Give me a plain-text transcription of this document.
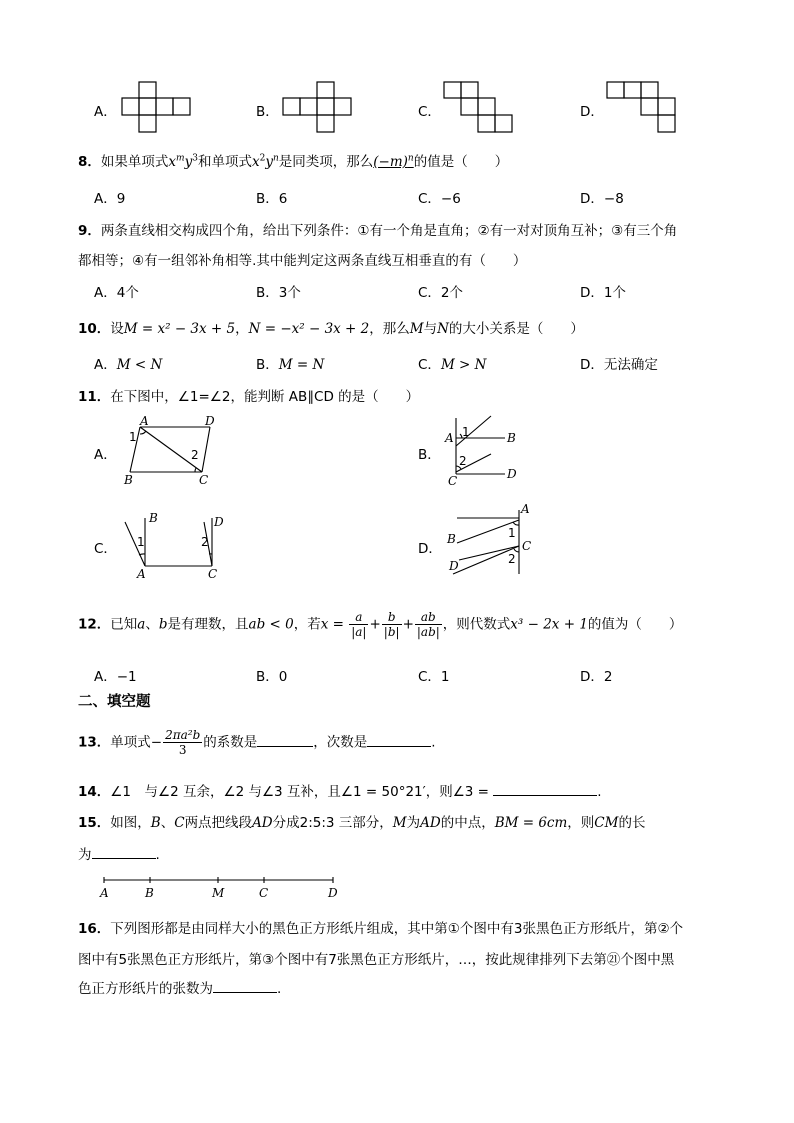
A．	B．	C．	D．
8．如果单项式$x^my^3$和单项式$x^2y^n$是同类项，那么$(-m)^n$的值是（　　）
A．9	B．6	C．−6	D．−8
9．两条直线相交构成四个角，给出下列条件：①有一个角是直角；②有一对对顶角互补；③有三个角
都相等；④有一组邻补角相等.其中能判定这两条直线互相垂直的有（　　）
A．4个	B．3个	C．2个	D．1个
10．设M = x² − 3x + 5，N = −x² − 3x + 2，那么M与N的大小关系是（　　）
A．M < N	B．M = N	C．M > N	D．无法确定
11．在下图中，∠1=∠2，能判断 AB∥CD 的是（　　）
A．
A	D
B	C
1
2	B．
A	B
C	D
1
2
C．
B	D
A	C
1	2	D．
A
B	C
D
1
2
12．已知a、b是有理数，且ab < 0，若$x = \frac{a}{|a|} + \frac{b}{|b|} + \frac{ab}{|ab|}$ ，则代数式x³ − 2x + 1的值为（　　）
A．−1	B．0	C．1	D．2
二、填空题
13．单项式− $\frac{\text{2πa²b}}{3}$ 的系数是	，次数是	.
14．∠1　与∠2 互余，∠2 与∠3 互补，且∠1 = 50°21′，则∠3 =	.
15．如图，B、C两点把线段AD分成2:5:3 三部分，M为AD的中点，BM = 6cm，则CM的长
为	.
A	B	M	C	D
16．下列图形都是由同样大小的黑色正方形纸片组成，其中第①个图中有3张黑色正方形纸片，第②个
图中有5张黑色正方形纸片，第③个图中有7张黑色正方形纸片，…，按此规律排列下去第㉑个图中黑
色正方形纸片的张数为	.
